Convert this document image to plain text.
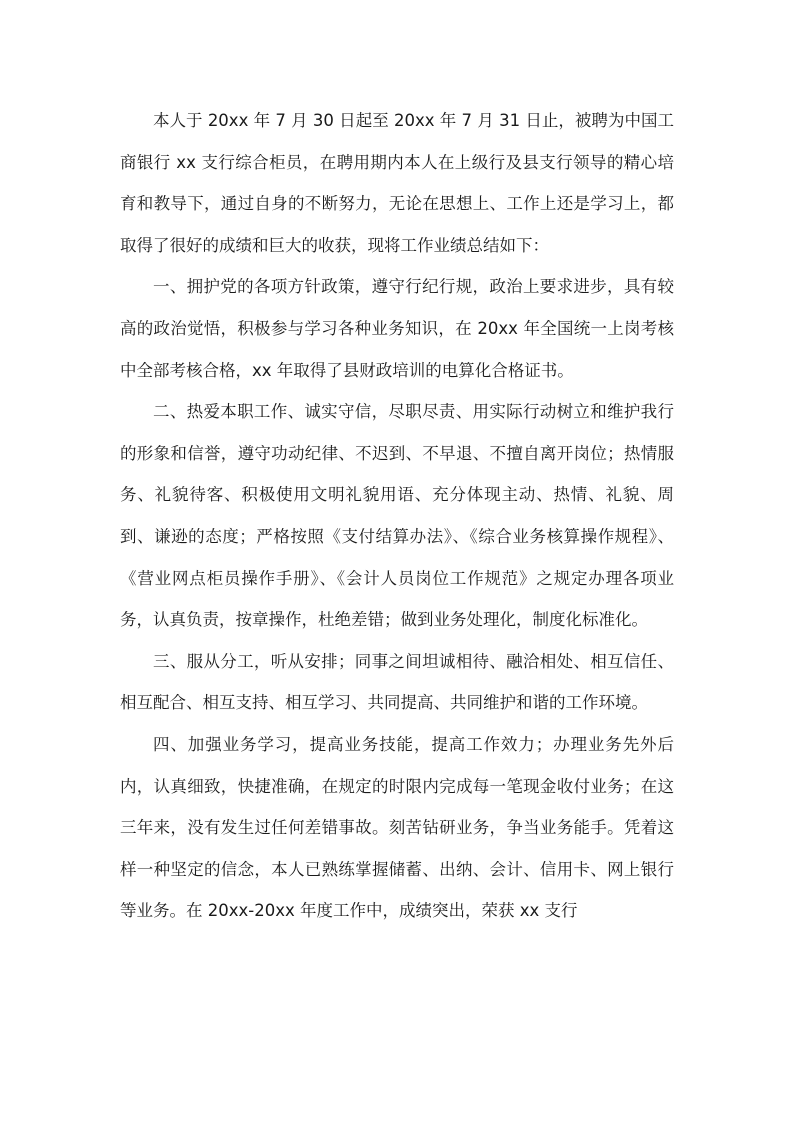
本人于 20xx 年 7 月 30 日起至 20xx 年 7 月 31 日止，被聘为中国工商银行 xx 支行综合柜员，在聘用期内本人在上级行及县支行领导的精心培育和教导下，通过自身的不断努力，无论在思想上、工作上还是学习上，都取得了很好的成绩和巨大的收获，现将工作业绩总结如下：

一、拥护党的各项方针政策，遵守行纪行规，政治上要求进步，具有较高的政治觉悟，积极参与学习各种业务知识，在 20xx 年全国统一上岗考核中全部考核合格，xx 年取得了县财政培训的电算化合格证书。

二、热爱本职工作、诚实守信，尽职尽责、用实际行动树立和维护我行的形象和信誉，遵守功动纪律、不迟到、不早退、不擅自离开岗位；热情服务、礼貌待客、积极使用文明礼貌用语、充分体现主动、热情、礼貌、周到、谦逊的态度；严格按照《支付结算办法》、《综合业务核算操作规程》、《营业网点柜员操作手册》、《会计人员岗位工作规范》之规定办理各项业务，认真负责，按章操作，杜绝差错；做到业务处理化，制度化标准化。

三、服从分工，听从安排；同事之间坦诚相待、融洽相处、相互信任、相互配合、相互支持、相互学习、共同提高、共同维护和谐的工作环境。

四、加强业务学习，提高业务技能，提高工作效力；办理业务先外后内，认真细致，快捷准确，在规定的时限内完成每一笔现金收付业务；在这三年来，没有发生过任何差错事故。刻苦钻研业务，争当业务能手。凭着这样一种坚定的信念，本人已熟练掌握储蓄、出纳、会计、信用卡、网上银行等业务。在 20xx-20xx 年度工作中，成绩突出，荣获 xx 支行
